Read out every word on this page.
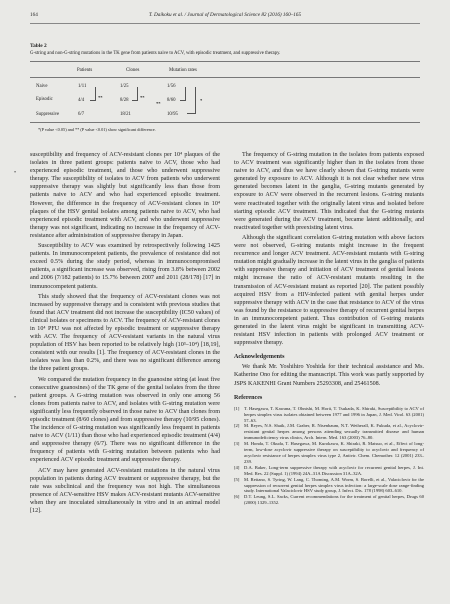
164	T. Daikoku et al. / Journal of Dermatological Science 82 (2016) 160–165
Table 2
G-string and non-G-string mutations in the TK gene from patients naive to ACV, with episodic treatment, and suppressive therapy.
Patients	Clones	Mutation rates
Naive	1/11	1/25	1/56
Episodic	4/4	8/28	8/60
Suppressive	6/7	18/21	10/95
**	**
**
*
*(P value <0.05) and ** (P value <0.01) show significant difference.
•
•

susceptibility and frequency of ACV-resistant clones per 10⁴ plaques of the isolates in three patient groups: patients naive to ACV, those who had experienced episodic treatment, and those who underwent suppressive therapy. The susceptibility of isolates to ACV from patients who underwent suppressive therapy was slightly but significantly less than those from patients naive to ACV and who had experienced episodic treatment. However, the difference in the frequency of ACV-resistant clones in 10⁴ plaques of the HSV genital isolates among patients naive to ACV, who had experienced episodic treatment with ACV, and who underwent suppressive therapy was not significant, indicating no increase in the frequency of ACV-resistance after administration of suppressive therapy in Japan.

Susceptibility to ACV was examined by retrospectively following 1425 patients. In immunocompetent patients, the prevalence of resistance did not exceed 0.5% during the study period, whereas in immunocompromised patients, a significant increase was observed, rising from 3.8% between 2002 and 2006 (7/182 patients) to 15.7% between 2007 and 2011 (28/178) [17] in immunocompetent patients.

This study showed that the frequency of ACV-resistant clones was not increased by suppressive therapy and is consistent with previous studies that found that ACV treatment did not increase the susceptibility (IC50 values) of clinical isolates or specimens to ACV. The frequency of ACV-resistant clones in 10⁴ PFU was not affected by episodic treatment or suppressive therapy with ACV. The frequency of ACV-resistant variants in the natural virus population of HSV has been reported to be relatively high (10³–10⁴) [18,19], consistent with our results [1]. The frequency of ACV-resistant clones in the isolates was less than 0.2%, and there was no significant difference among the three patient groups.

We compared the mutation frequency in the guanosine string (at least five consecutive guanosines) of the TK gene of the genital isolates from the three patient groups. A G-string mutation was observed in only one among 56 clones from patients naive to ACV, and isolates with G-string mutation were significantly less frequently observed in those naive to ACV than clones from episodic treatment (8/60 clones) and from suppressive therapy (10/95 clones). The incidence of G-string mutation was significantly less frequent in patients naive to ACV (1/11) than those who had experienced episodic treatment (4/4) and suppressive therapy (6/7). There was no significant difference in the frequency of patients with G-string mutation between patients who had experienced ACV episodic treatment and suppressive therapy.

ACV may have generated ACV-resistant mutations in the natural virus population in patients during ACV treatment or suppressive therapy, but the rate was subclinical and the frequency was not high. The simultaneous presence of ACV-sensitive HSV makes ACV-resistant mutants ACV-sensitive when they are inoculated simultaneously in vitro and in an animal model [12].

The frequency of G-string mutation in the isolates from patients exposed to ACV treatment was significantly higher than in the isolates from those naive to ACV, and thus we have clearly shown that G-string mutants were generated by exposure to ACV. Although it is not clear whether new virus generated becomes latent in the ganglia, G-string mutants generated by exposure to ACV were observed in the recurrent lesions. G-string mutants were reactivated together with the originally latent virus and isolated before starting episodic ACV treatment. This indicated that the G-string mutants were generated during the ACV treatment, became latent additionally, and reactivated together with preexisting latent virus.

Although the significant correlation G-string mutation with above factors were not observed, G-string mutants might increase in the frequent recurrence and longer ACV treatment. ACV-resistant mutants with G-string mutation might gradually increase in the latent virus in the ganglia of patients with suppressive therapy and initiation of ACV treatment of genital lesions might increase the ratio of ACV-resistant mutants resulting in the transmission of ACV-resistant mutant as reported [20]. The patient possibly acquired HSV from a HIV-infected patient with genital herpes under suppressive therapy with ACV in the case that resistance to ACV of the virus was found by the resistance to suppressive therapy of recurrent genital herpes in an immunocompetent patient. Thus contribution of G-string mutants generated in the latent virus might be significant in transmitting ACV-resistant HSV infection in patients with prolonged ACV treatment or suppressive therapy.

Acknowledgements

We thank Mr. Yoshihiro Yoshida for their technical assistance and Ms. Katherine Ono for editing the manuscript. This work was partly supported by JSPS KAKENHI Grant Numbers 25293308, and 25461508.

References

[1] T. Hasegawa, T. Kawana, T. Ohnishi, M. Horii, T. Tsukada, K. Shiraki, Susceptibility to ACV of herpes simplex virus isolates obtained between 1977 and 1996 in Japan, J. Med. Virol. 63 (2001) 57–63.
[2] M. Reyes, N.S. Shaik, J.M. Graber, R. Nisenbaum, N.T. Wetherall, K. Fukuda, et al., Acyclovir-resistant genital herpes among persons attending sexually transmitted disease and human immunodeficiency virus clinics, Arch. Intern. Med. 163 (2003) 76–80.
[3] M. Honda, T. Okuda, T. Hasegawa, M. Kurokawa, K. Shiraki, R. Matsuo, et al., Effect of long-term, low-dose acyclovir suppressive therapy on susceptibility to acyclovir and frequency of acyclovir resistance of herpes simplex virus type 2, Antivir. Chem. Chemother. 12 (2001) 233–239.
[4] D.A. Baker, Long-term suppressive therapy with acyclovir for recurrent genital herpes, J. Int. Med. Res. 22 (Suppl. 1) (1994) 24A–31A Discussion 31A–32A.
[5] M. Reitano, S. Tyring, W. Lang, C. Thoming, A.M. Worm, S. Borelli, et al., Valaciclovir for the suppression of recurrent genital herpes simplex virus infection: a large-scale dose range-finding study. International Valaciclovir HSV study group, J. Infect. Dis. 178 (1998) 603–610.
[6] D.T. Leung, S.L. Sacks, Current recommendations for the treatment of genital herpes, Drugs 60 (2000) 1329–1352.
